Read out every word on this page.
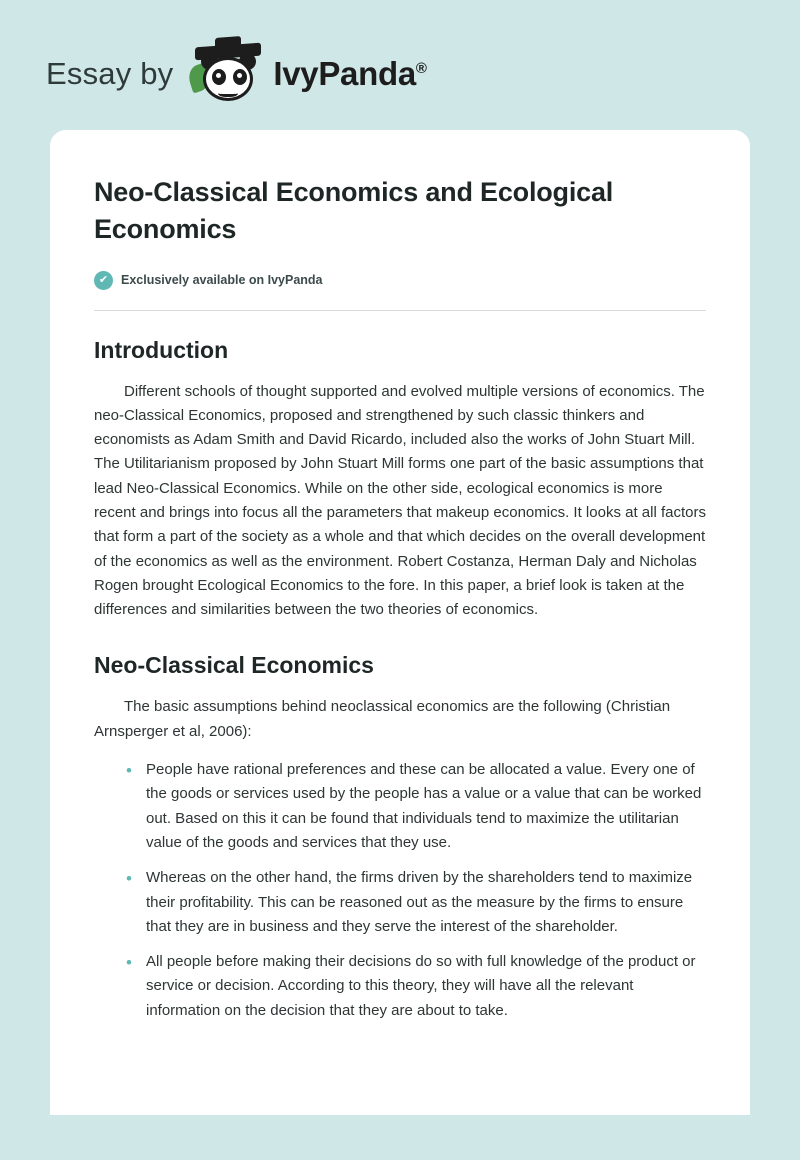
Essay by	IvyPanda®
Neo-Classical Economics and Ecological Economics
✔	Exclusively available on IvyPanda
Introduction

Different schools of thought supported and evolved multiple versions of economics. The neo-Classical Economics, proposed and strengthened by such classic thinkers and economists as Adam Smith and David Ricardo, included also the works of John Stuart Mill. The Utilitarianism proposed by John Stuart Mill forms one part of the basic assumptions that lead Neo-Classical Economics. While on the other side, ecological economics is more recent and brings into focus all the parameters that makeup economics. It looks at all factors that form a part of the society as a whole and that which decides on the overall development of the economics as well as the environment. Robert Costanza, Herman Daly and Nicholas Rogen brought Ecological Economics to the fore. In this paper, a brief look is taken at the differences and similarities between the two theories of economics.

Neo-Classical Economics

The basic assumptions behind neoclassical economics are the following (Christian Arnsperger et al, 2006):

• People have rational preferences and these can be allocated a value. Every one of the goods or services used by the people has a value or a value that can be worked out. Based on this it can be found that individuals tend to maximize the utilitarian value of the goods and services that they use.
• Whereas on the other hand, the firms driven by the shareholders tend to maximize their profitability. This can be reasoned out as the measure by the firms to ensure that they are in business and they serve the interest of the shareholder.
• All people before making their decisions do so with full knowledge of the product or service or decision. According to this theory, they will have all the relevant information on the decision that they are about to take.
